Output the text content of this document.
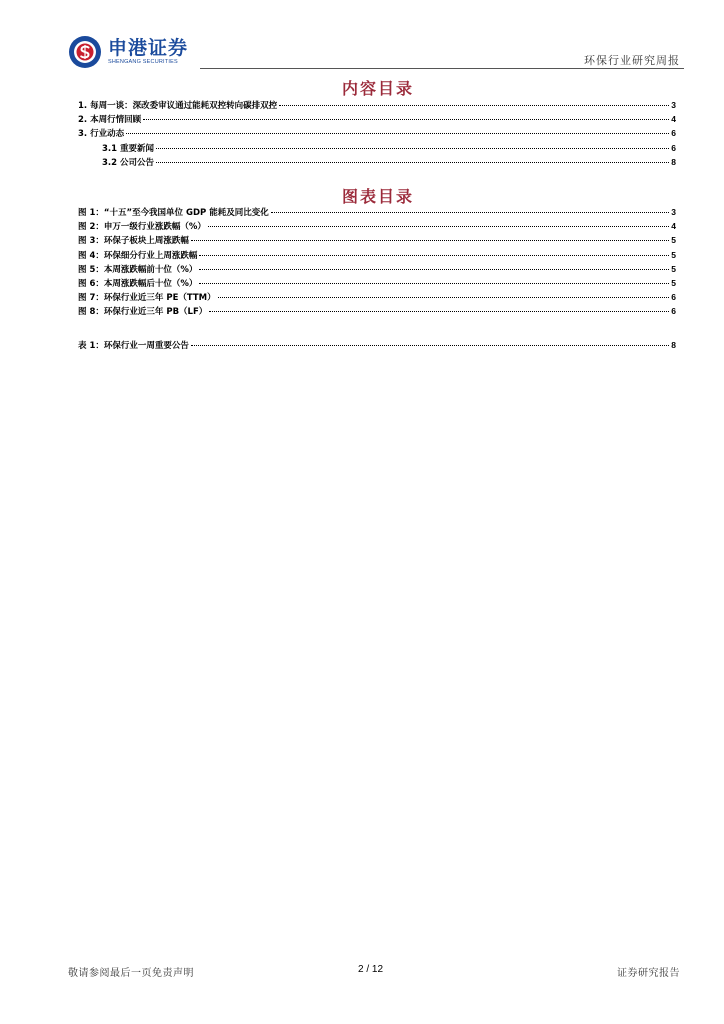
申港证券
SHENGANG SECURITIES	环保行业研究周报
内容目录
1. 每周一谈：深改委审议通过能耗双控转向碳排双控	3
2. 本周行情回顾	4
3. 行业动态	6
3.1 重要新闻	6
3.2 公司公告	8
图表目录
图 1：“十五”至今我国单位 GDP 能耗及同比变化	3
图 2：申万一级行业涨跌幅（%）	4
图 3：环保子板块上周涨跌幅	5
图 4：环保细分行业上周涨跌幅	5
图 5：本周涨跌幅前十位（%）	5
图 6：本周涨跌幅后十位（%）	5
图 7：环保行业近三年 PE（TTM）	6
图 8：环保行业近三年 PB（LF）	6
表 1：环保行业一周重要公告	8
敬请参阅最后一页免责声明	2 / 12	证券研究报告
